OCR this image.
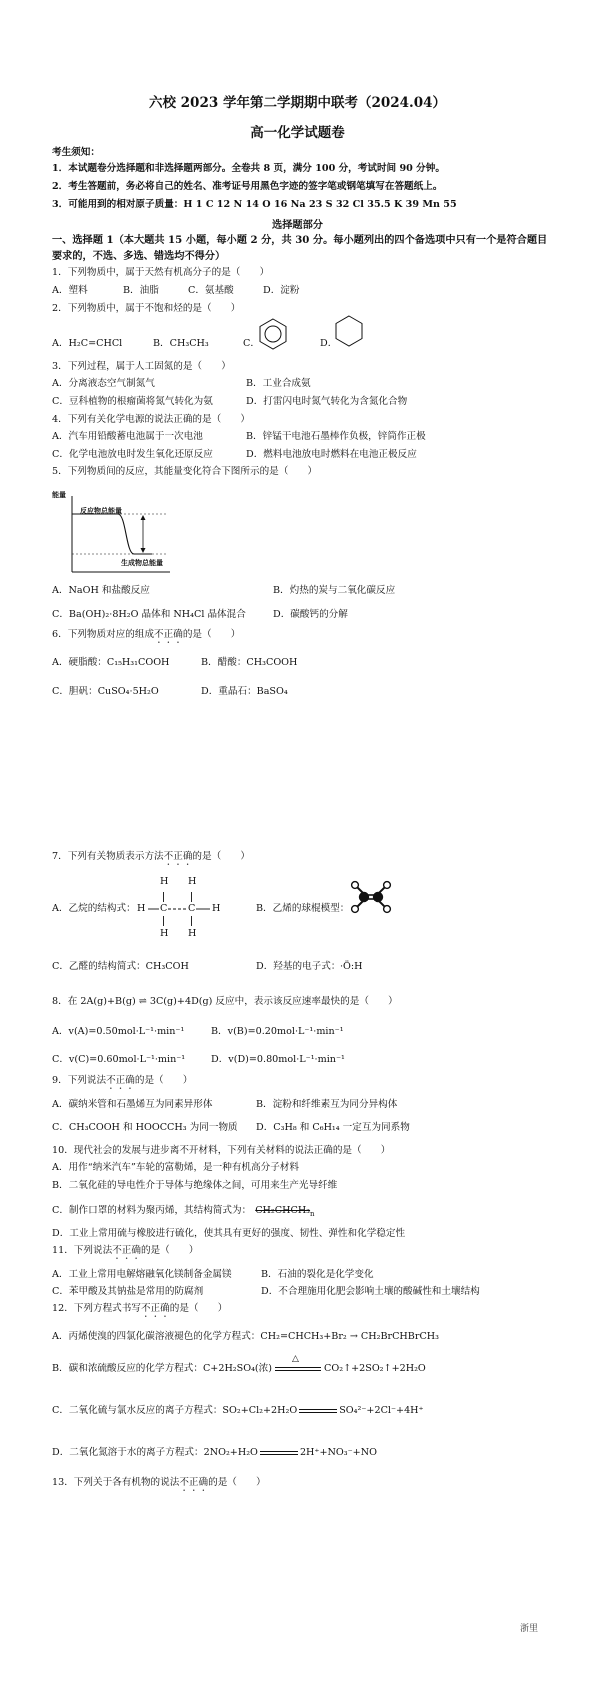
六校 2023 学年第二学期期中联考（2024.04）
高一化学试题卷
考生须知：
1．本试题卷分选择题和非选择题两部分。全卷共 8 页，满分 100 分，考试时间 90 分钟。
2．考生答题前，务必将自己的姓名、准考证号用黑色字迹的签字笔或钢笔填写在答题纸上。
3．可能用到的相对原子质量：H 1 C 12 N 14 O 16 Na 23 S 32 Cl 35.5 K 39 Mn 55
选择题部分
一、选择题 1（本大题共 15 小题，每小题 2 分，共 30 分。每小题列出的四个备选项中只有一个是符合题目要求的，不选、多选、错选均不得分）
1．下列物质中，属于天然有机高分子的是（　　）
A．塑料	B．油脂	C．氨基酸	D．淀粉
2．下列物质中，属于不饱和烃的是（　　）
A．H₂C=CHCl	B．CH₃CH₃	C．	D．
3．下列过程，属于人工固氮的是（　　）
A．分离液态空气制氮气	B．工业合成氨
C．豆科植物的根瘤菌将氮气转化为氨	D．打雷闪电时氮气转化为含氮化合物
4．下列有关化学电源的说法正确的是（　　）
A．汽车用铅酸蓄电池属于一次电池	B．锌锰干电池石墨棒作负极，锌筒作正极
C．化学电池放电时发生氧化还原反应	D．燃料电池放电时燃料在电池正极反应
5．下列物质间的反应，其能量变化符合下图所示的是（　　）
能量
反应物总能量
生成物总能量
A．NaOH 和盐酸反应	B．灼热的炭与二氧化碳反应
C．Ba(OH)₂·8H₂O 晶体和 NH₄Cl 晶体混合	D．碳酸钙的分解
6．下列物质对应的组成不正确的是（　　）
A．硬脂酸：C₁₅H₃₁COOH	B．醋酸：CH₃COOH
C．胆矾：CuSO₄·5H₂O	D．重晶石：BaSO₄
7．下列有关物质表示方法不正确的是（　　）
A．乙烷的结构式：
H H
H C C H
H H
B．乙烯的球棍模型：
C．乙醛的结构简式：CH₃COH	D．羟基的电子式： ·Ö:H
8．在 2A(g)+B(g) ⇌ 3C(g)+4D(g) 反应中，表示该反应速率最快的是（　　）
A．v(A)=0.50mol·L⁻¹·min⁻¹	B．v(B)=0.20mol·L⁻¹·min⁻¹
C．v(C)=0.60mol·L⁻¹·min⁻¹	D．v(D)=0.80mol·L⁻¹·min⁻¹
9．下列说法不正确的是（　　）
A．碳纳米管和石墨烯互为同素异形体	B．淀粉和纤维素互为同分异构体
C．CH₃COOH 和 HOOCCH₃ 为同一物质 D．C₃H₈ 和 C₆H₁₄ 一定互为同系物
10．现代社会的发展与进步离不开材料，下列有关材料的说法正确的是（　　）
A．用作“纳米汽车”车轮的富勒烯，是一种有机高分子材料
B．二氧化硅的导电性介于导体与绝缘体之间，可用来生产光导纤维
C．制作口罩的材料为聚丙烯，其结构简式为： $CH_2CHCH_3_n$
D．工业上常用硫与橡胶进行硫化，使其具有更好的强度、韧性、弹性和化学稳定性
11．下列说法不正确的是（　　）
A．工业上常用电解熔融氧化镁制备金属镁	B．石油的裂化是化学变化
C．苯甲酸及其钠盐是常用的防腐剂	D．不合理施用化肥会影响土壤的酸碱性和土壤结构
12．下列方程式书写不正确的是（　　）
A．丙烯使溴的四氯化碳溶液褪色的化学方程式：CH₂=CHCH₃+Br₂ → CH₂BrCHBrCH₃
B．碳和浓硫酸反应的化学方程式：C+2H₂SO₄(浓)
△
CO₂↑+2SO₂↑+2H₂O
C．二氧化硫与氯水反应的离子方程式：SO₂+Cl₂+2H₂O	SO₄²⁻+2Cl⁻+4H⁺
D．二氧化氮溶于水的离子方程式：2NO₂+H₂O	2H⁺+NO₃⁻+NO
13．下列关于各有机物的说法不正确的是（　　）
浙里
